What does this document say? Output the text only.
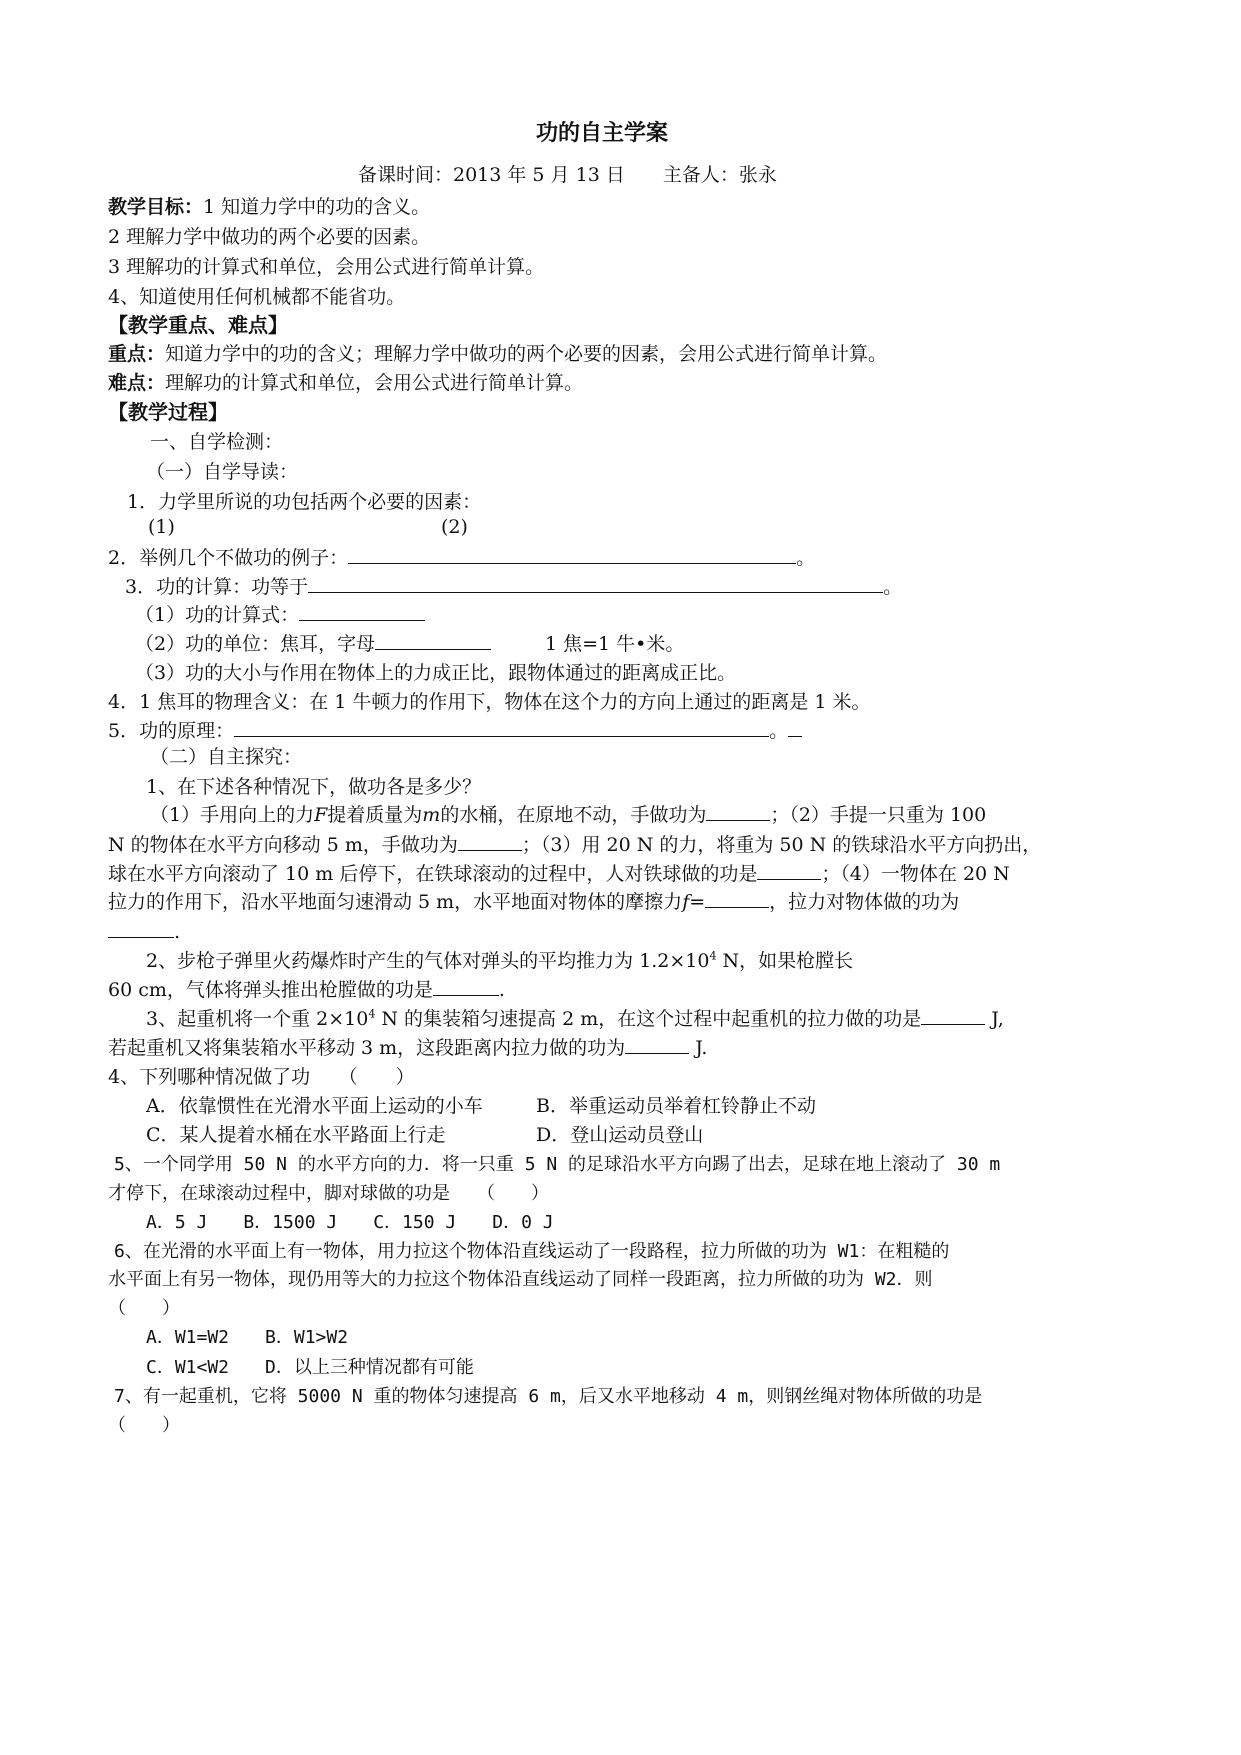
功的自主学案
备课时间：2013 年 5 月 13 日　　主备人：张永
教学目标：1 知道力学中的功的含义。
2 理解力学中做功的两个必要的因素。
3 理解功的计算式和单位，会用公式进行简单计算。
4、知道使用任何机械都不能省功。
【教学重点、难点】
重点：知道力学中的功的含义；理解力学中做功的两个必要的因素，会用公式进行简单计算。
难点：理解功的计算式和单位，会用公式进行简单计算。
【教学过程】
一、自学检测：
（一）自学导读：
1．力学里所说的功包括两个必要的因素：
(1)	(2)
2．举例几个不做功的例子：	。
3．功的计算：功等于	。
（1）功的计算式：
（2）功的单位：焦耳，字母	1 焦=1 牛•米。
（3）功的大小与作用在物体上的力成正比，跟物体通过的距离成正比。
4．1 焦耳的物理含义：在 1 牛顿力的作用下，物体在这个力的方向上通过的距离是 1 米。
5．功的原理：	。
（二）自主探究：
1、在下述各种情况下，做功各是多少？
（1）手用向上的力F提着质量为m的水桶，在原地不动，手做功为	；（2）手提一只重为 100
N 的物体在水平方向移动 5 m，手做功为	；（3）用 20 N 的力，将重为 50 N 的铁球沿水平方向扔出，
球在水平方向滚动了 10 m 后停下，在铁球滚动的过程中，人对铁球做的功是	；（4）一物体在 20 N
拉力的作用下，沿水平地面匀速滑动 5 m，水平地面对物体的摩擦力f=	，拉力对物体做的功为
.
2、步枪子弹里火药爆炸时产生的气体对弹头的平均推力为 $1.2\times 10^4$ N，如果枪膛长
60 cm，气体将弹头推出枪膛做的功是	.
3、起重机将一个重 $2\times 10^4$ N 的集装箱匀速提高 2 m，在这个过程中起重机的拉力做的功是	J,
若起重机又将集装箱水平移动 3 m，这段距离内拉力做的功为	J.
4、下列哪种情况做了功　　（　　）
A．依靠惯性在光滑水平面上运动的小车	B．举重运动员举着杠铃静止不动
C．某人提着水桶在水平路面上行走	D．登山运动员登山
5、一个同学用 50 N 的水平方向的力．将一只重 5 N 的足球沿水平方向踢了出去，足球在地上滚动了 30 m
才停下，在球滚动过程中，脚对球做的功是　　（　　）
A．5 J　　B．1500 J　　C．150 J　　D．0 J
6、在光滑的水平面上有一物体，用力拉这个物体沿直线运动了一段路程，拉力所做的功为 W1：在粗糙的
水平面上有另一物体，现仍用等大的力拉这个物体沿直线运动了同样一段距离，拉力所做的功为 W2．则
（　　）
A．W1=W2　　B．W1>W2
C．W1<W2　　D．以上三种情况都有可能
7、有一起重机，它将 5000 N 重的物体匀速提高 6 m，后又水平地移动 4 m，则钢丝绳对物体所做的功是
（　　）
